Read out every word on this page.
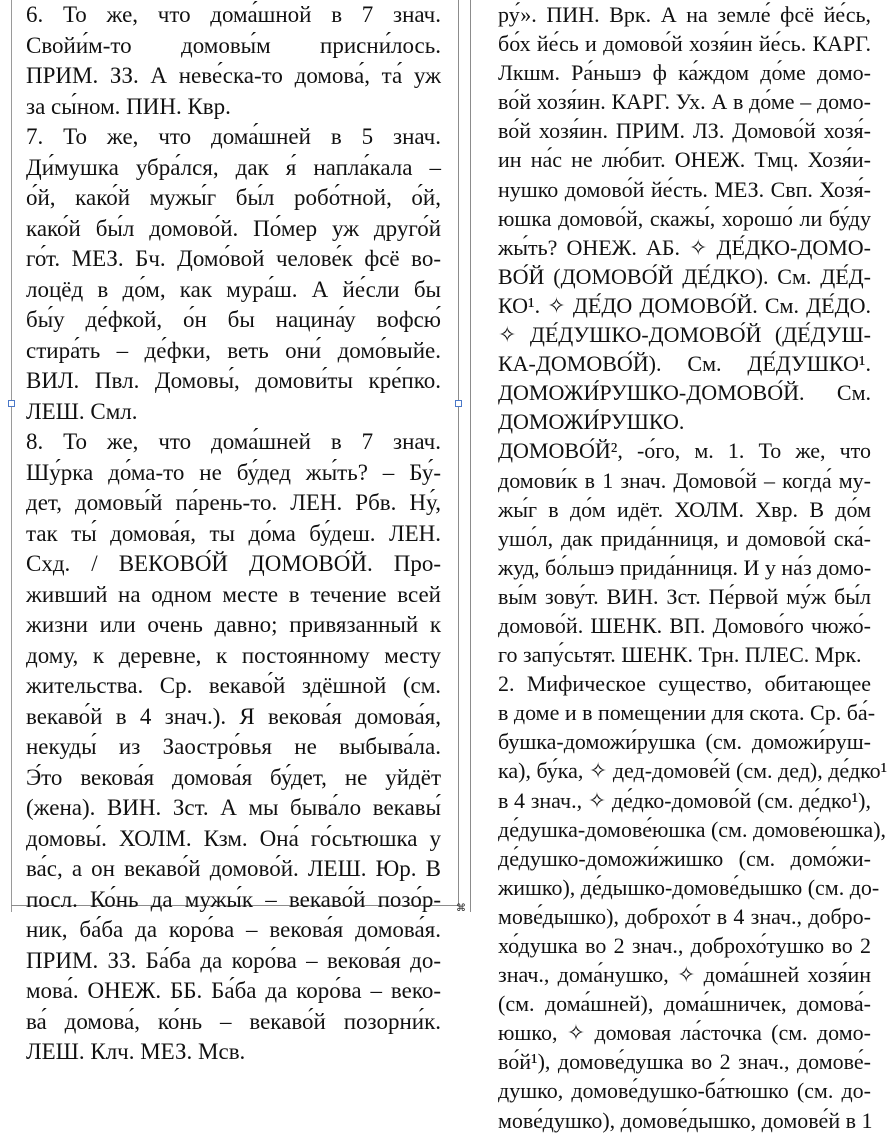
⌘
6. То же, что дома́шной в 7 знач.
Свойи́м-то домовы́м присни́лось.
ПРИМ. ЗЗ. А неве́ска-то домова́, та́ уж
за сы́ном. ПИН. Квр.
7. То же, что дома́шней в 5 знач.
Ди́мушка убра́лся, дак я́ напла́кала –
о́й, како́й мужы́г бы́л робо́тной, о́й,
како́й бы́л домово́й. По́мер уж друго́й
го́т. МЕЗ. Бч. Домо́вой челове́к фсё во-
лоцёд в до́м, как мура́ш. А йе́сли бы
бы́у де́фкой, о́н бы нацина́у вофсю́
стира́ть – де́фки, веть они́ домо́выйе.
ВИЛ. Пвл. Домовы́, домови́ты кре́пко.
ЛЕШ. Смл.
8. То же, что дома́шней в 7 знач.
Шу́рка до́ма-то не бу́дед жы́ть? – Бу́-
дет, домовы́й па́рень-то. ЛЕН. Рбв. Ну́,
так ты́ домова́я, ты до́ма бу́деш. ЛЕН.
Схд. / ВЕКОВО́Й ДОМОВО́Й. Про-
живший на одном месте в течение всей
жизни или очень давно; привязанный к
дому, к деревне, к постоянному месту
жительства. Ср. векаво́й здёшной (см.
векаво́й в 4 знач.). Я векова́я домова́я,
некуды́ из Заостро́вья не выбыва́ла.
Э́то векова́я домова́я бу́дет, не уйдёт
(жена). ВИН. Зст. А мы быва́ло векавы́
домовы́. ХОЛМ. Кзм. Она́ го́сьтюшка у
ва́с, а он векаво́й домово́й. ЛЕШ. Юр. В
посл. Ко́нь да мужы́к – векаво́й позо́р-
ник, ба́ба да коро́ва – векова́я домова́я.
ПРИМ. ЗЗ. Ба́ба да коро́ва – векова́я до-
мова́. ОНЕЖ. ББ. Ба́ба да коро́ва – веко-
ва́ домова́, ко́нь – векаво́й позорни́к.
ЛЕШ. Клч. МЕЗ. Мсв.
ру́». ПИН. Врк. А на земле́ фсё йе́сь,
бо́х йе́сь и домово́й хозя́ин йе́сь. КАРГ.
Лкшм. Ра́ньшэ ф ка́ждом до́ме домо-
во́й хозя́ин. КАРГ. Ух. А в до́ме – домо-
во́й хозя́ин. ПРИМ. ЛЗ. Домово́й хозя́-
ин на́с не лю́бит. ОНЕЖ. Тмц. Хозя́и-
нушко домово́й йе́сть. МЕЗ. Свп. Хозя́-
юшка домово́й, скажы́, хорошо́ ли бу́ду
жы́ть? ОНЕЖ. АБ. ✧ ДЕ́ДКО-ДОМО-
ВО́Й (ДОМОВО́Й ДЕ́ДКО). См. ДЕ́Д-
КО¹. ✧ ДЕ́ДО ДОМОВО́Й. См. ДЕ́ДО.
✧ ДЕ́ДУШКО-ДОМОВО́Й (ДЕ́ДУШ-
КА-ДОМОВО́Й). См. ДЕ́ДУШКО¹.
ДОМОЖИ́РУШКО-ДОМОВО́Й. См.
ДОМОЖИ́РУШКО.
ДОМОВО́Й², -о́го, м. 1. То же, что
домови́к в 1 знач. Домово́й – когда́ му-
жы́г в до́м идёт. ХОЛМ. Хвр. В до́м
ушо́л, дак прида́нниця, и домово́й ска́-
жуд, бо́льшэ прида́нниця. И у на́з домо-
вы́м зову́т. ВИН. Зст. Пе́рвой му́ж бы́л
домово́й. ШЕНК. ВП. Домово́го чюжо́-
го запу́сьтят. ШЕНК. Трн. ПЛЕС. Мрк.
2. Мифическое существо, обитающее
в доме и в помещении для скота. Ср. ба́-
бушка-доможи́рушка (см. доможи́руш-
ка), бу́ка, ✧ дед-домове́й (см. дед), де́дко¹
в 4 знач., ✧ де́дко-домово́й (см. де́дко¹),
де́душка-домове́юшка (см. домове́юшка),
де́душко-доможи́жишко (см. домо́жи-
жишко), де́дышко-домове́дышко (см. до-
мове́дышко), доброхо́т в 4 знач., добро-
хо́душка во 2 знач., доброхо́тушко во 2
знач., дома́нушко, ✧ дома́шней хозя́ин
(см. дома́шней), дома́шничек, домова́-
юшко, ✧ домовая ла́сточка (см. домо-
во́й¹), домове́душка во 2 знач., домове́-
душко, домове́душко-ба́тюшко (см. до-
мове́душко), домове́дышко, домове́й в 1
